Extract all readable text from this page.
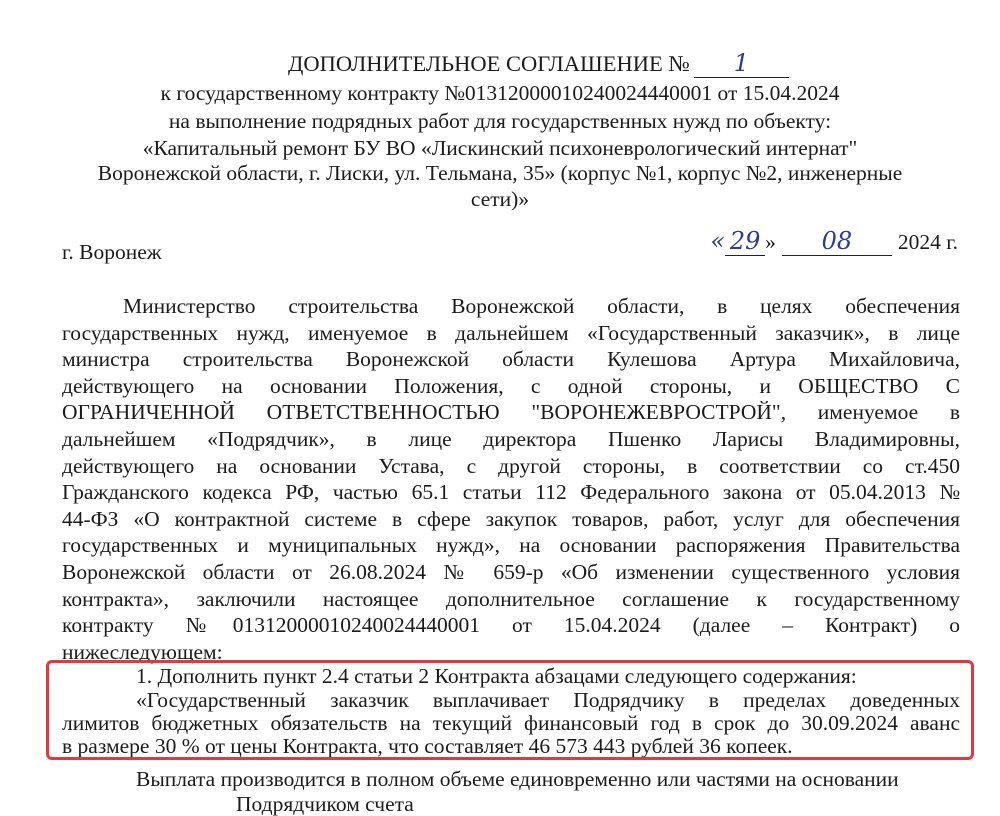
ДОПОЛНИТЕЛЬНОЕ СОГЛАШЕНИЕ № 1
к государственному контракту №0131200001024002444000​1 от 15.04.2024
на выполнение подрядных работ для государственных нужд по объекту:
«Капитальный ремонт БУ ВО «Лискинский психоневрологический интернат"
Воронежской области, г. Лиски, ул. Тельмана, 35» (корпус №1, корпус №2, инженерные
сети)»
г. Воронеж	« 29 » 08 2024 г.
Министерство строительства Воронежской области, в целях обеспечения
государственных нужд, именуемое в дальнейшем «Государственный заказчик», в лице
министра строительства Воронежской области Кулешова Артура Михайловича,
действующего на основании Положения, с одной стороны, и ОБЩЕСТВО С
ОГРАНИЧЕННОЙ ОТВЕТСТВЕННОСТЬЮ "ВОРОНЕЖЕВРОСТРОЙ", именуемое в
дальнейшем «Подрядчик», в лице директора Пшенко Ларисы Владимировны,
действующего на основании Устава, с другой стороны, в соответствии со ст.450
Гражданского кодекса РФ, частью 65.1 статьи 112 Федерального закона от 05.04.2013 №
44-ФЗ «О контрактной системе в сфере закупок товаров, работ, услуг для обеспечения
государственных и муниципальных нужд», на основании распоряжения Правительства
Воронежской области от 26.08.2024 № 659-р «Об изменении существенного условия
контракта», заключили настоящее дополнительное соглашение к государственному
контракту №0131200001024002444000​1 от 15.04.2024 (далее – Контракт) о
нижеследующем:
1. Дополнить пункт 2.4 статьи 2 Контракта абзацами следующего содержания:
«Государственный заказчик выплачивает Подрядчику в пределах доведенных
лимитов бюджетных обязательств на текущий финансовый год в срок до 30.09.2024 аванс
в размере 30 % от цены Контракта, что составляет 46 573 443 рублей 36 копеек.
Выплата производится в полном объеме единовременно или частями на основании
Подрядчиком счета
